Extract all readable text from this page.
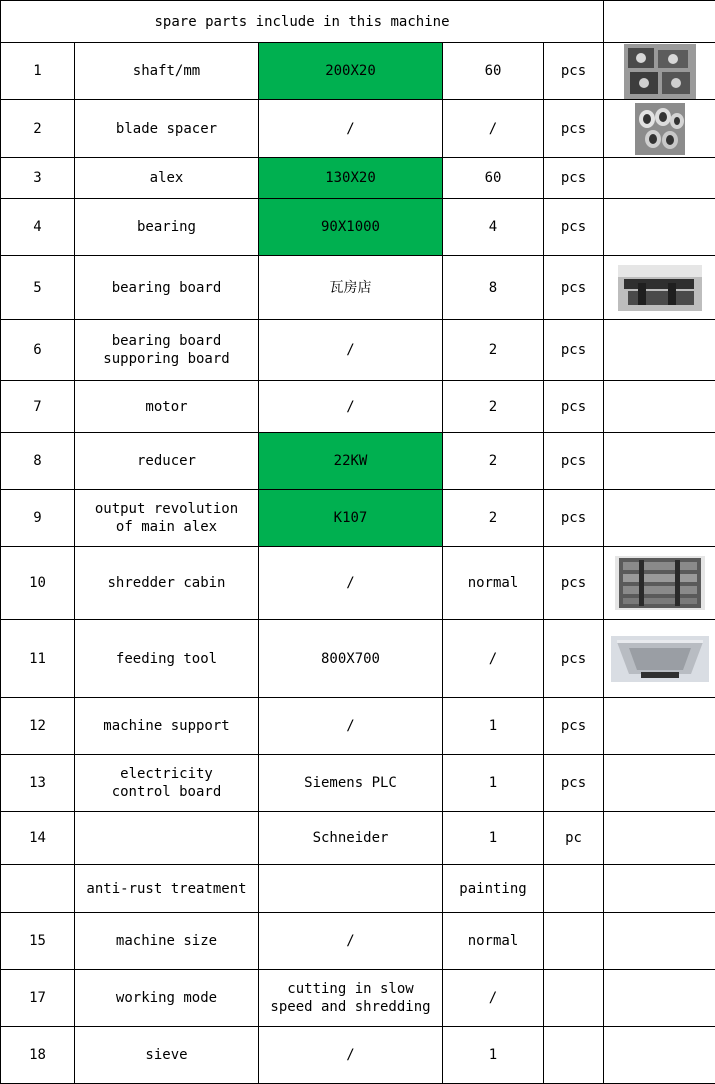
spare parts include in this machine					
1	shaft/mm	200X20	60	pcs	

2	blade spacer	/	/	pcs	

3	alex	130X20	60	pcs	
4	bearing	90X1000	4	pcs	
5	bearing board	瓦房店	8	pcs	

6	bearing board
supporing board	/	2	pcs	
7	motor	/	2	pcs	
8	reducer	22KW	2	pcs	
9	output revolution
of main alex	K107	2	pcs	
10	shredder cabin	/	normal	pcs	

11	feeding tool	800X700	/	pcs	

12	machine support	/	1	pcs	
13	electricity
control board	Siemens PLC	1	pcs	
14		Schneider	1	pc	
	anti-rust treatment		painting		
15	machine size	/	normal		
17	working mode	cutting in slow
speed and shredding	/		
18	sieve	/	1		
